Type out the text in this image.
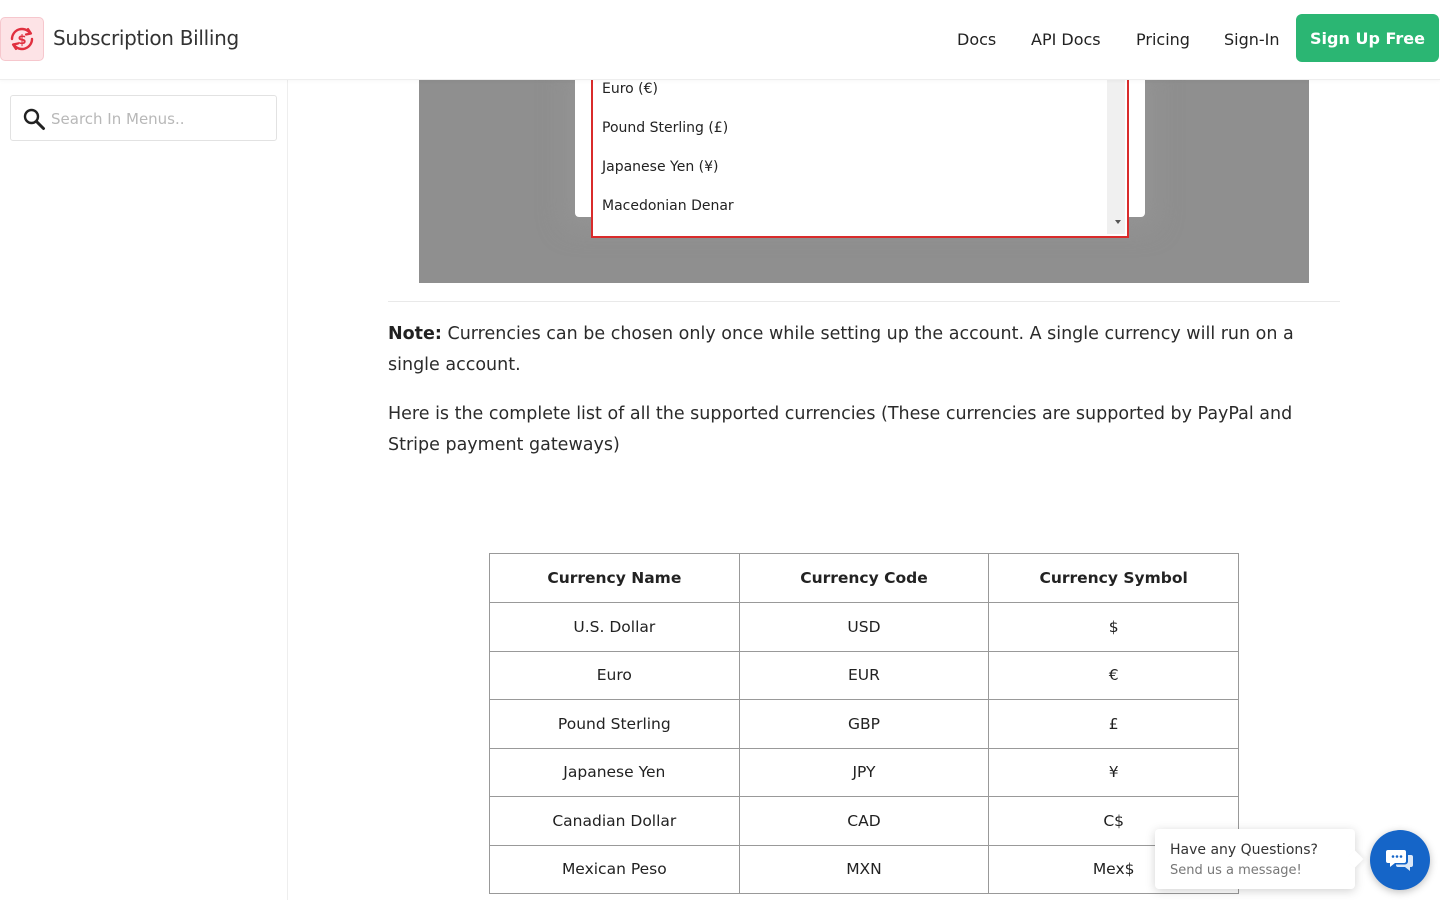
$ Subscription Billing	Docs API Docs Pricing Sign-In	Sign Up Free
Search In Menus..
Euro (€)
Pound Sterling (£)
Japanese Yen (¥)
Macedonian Denar

Note: Currencies can be chosen only once while setting up the account. A single currency will run on a single account.

Here is the complete list of all the supported currencies (These currencies are supported by PayPal and Stripe payment gateways)

Currency Name	Currency Code	Currency Symbol
U.S. Dollar	USD	$
Euro	EUR	€
Pound Sterling	GBP	£
Japanese Yen	JPY	¥
Canadian Dollar	CAD	C$
Mexican Peso	MXN	Mex$
Have any Questions?
Send us a message!
